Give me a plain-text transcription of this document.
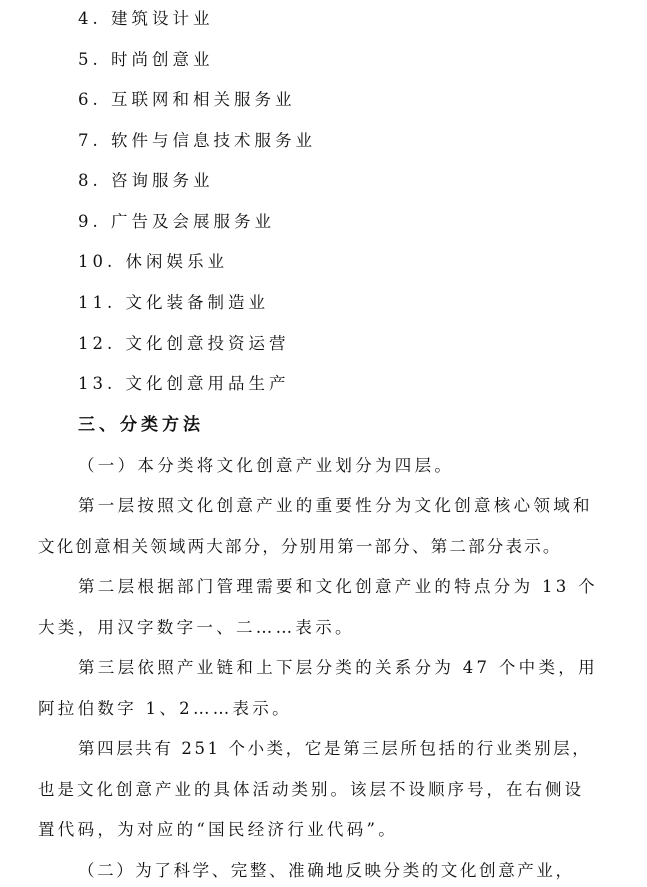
4. 建筑设计业
5. 时尚创意业
6. 互联网和相关服务业
7. 软件与信息技术服务业
8. 咨询服务业
9. 广告及会展服务业
10. 休闲娱乐业
11. 文化装备制造业
12. 文化创意投资运营
13. 文化创意用品生产
三、分类方法
（一）本分类将文化创意产业划分为四层。
第一层按照文化创意产业的重要性分为文化创意核心领域和
文化创意相关领域两大部分，分别用第一部分、第二部分表示。
第二层根据部门管理需要和文化创意产业的特点分为 13 个
大类，用汉字数字一、二……表示。
第三层依照产业链和上下层分类的关系分为 47 个中类，用
阿拉伯数字 1、2……表示。
第四层共有 251 个小类，它是第三层所包括的行业类别层，
也是文化创意产业的具体活动类别。该层不设顺序号，在右侧设
置代码，为对应的“国民经济行业代码”。
（二）为了科学、完整、准确地反映分类的文化创意产业，
